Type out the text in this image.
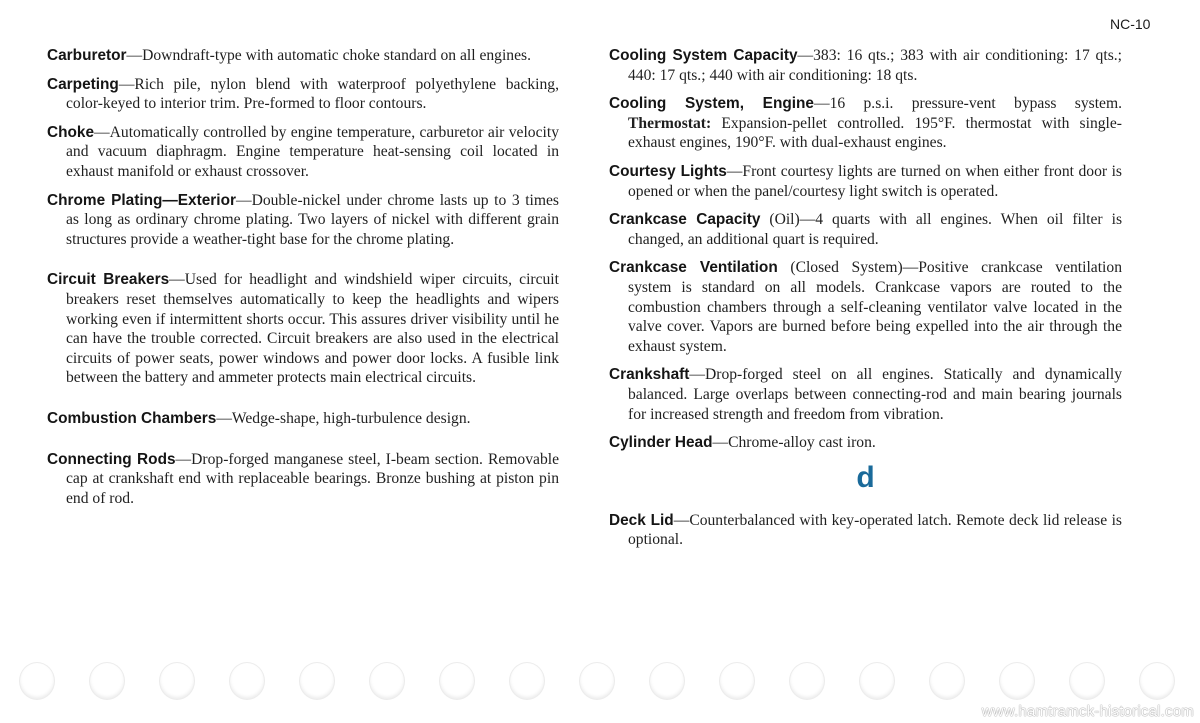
NC-10

Carburetor—Downdraft-type with automatic choke standard on all engines.

Carpeting—Rich pile, nylon blend with waterproof polyethylene backing, color-keyed to interior trim. Pre-formed to floor contours.

Choke—Automatically controlled by engine temperature, carburetor air velocity and vacuum diaphragm. Engine temperature heat-sensing coil located in exhaust manifold or exhaust crossover.

Chrome Plating—Exterior—Double-nickel under chrome lasts up to 3 times as long as ordinary chrome plating. Two layers of nickel with different grain structures provide a weather-tight base for the chrome plating.

Circuit Breakers—Used for headlight and windshield wiper circuits, circuit breakers reset themselves automatically to keep the headlights and wipers working even if intermittent shorts occur. This assures driver visibility until he can have the trouble corrected. Circuit breakers are also used in the electrical circuits of power seats, power windows and power door locks. A fusible link between the battery and ammeter protects main electrical circuits.

Combustion Chambers—Wedge-shape, high-turbulence design.

Connecting Rods—Drop-forged manganese steel, I-beam section. Removable cap at crankshaft end with replaceable bearings. Bronze bushing at piston pin end of rod.

Cooling System Capacity—383: 16 qts.; 383 with air conditioning: 17 qts.; 440: 17 qts.; 440 with air conditioning: 18 qts.

Cooling System, Engine—16 p.s.i. pressure-vent bypass system. Thermostat: Expansion-pellet controlled. 195°F. thermostat with single-exhaust engines, 190°F. with dual-exhaust engines.

Courtesy Lights—Front courtesy lights are turned on when either front door is opened or when the panel/courtesy light switch is operated.

Crankcase Capacity (Oil)—4 quarts with all engines. When oil filter is changed, an additional quart is required.

Crankcase Ventilation (Closed System)—Positive crankcase ventilation system is standard on all models. Crankcase vapors are routed to the combustion chambers through a self-cleaning ventilator valve located in the valve cover. Vapors are burned before being expelled into the air through the exhaust system.

Crankshaft—Drop-forged steel on all engines. Statically and dynamically balanced. Large overlaps between connecting-rod and main bearing journals for increased strength and freedom from vibration.

Cylinder Head—Chrome-alloy cast iron.

d

Deck Lid—Counterbalanced with key-operated latch. Remote deck lid release is optional.

www.hamtramck-historical.com
